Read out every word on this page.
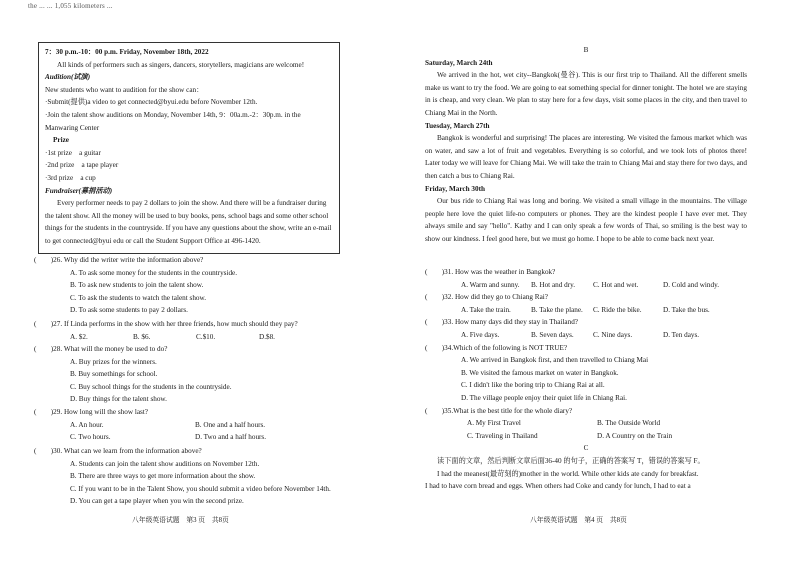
the ... ... 1,055 kilometers ...

7：30 p.m.-10：00 p.m. Friday, November 18th, 2022

All kinds of performers such as singers, dancers, storytellers, magicians are welcome!

Audition(试演)

New students who want to audition for the show can：

·Submit(提供)a video to get connected@byui.edu before November 12th.

·Join the talent show auditions on Monday, November 14th, 9：00a.m.-2：30p.m. in the Manwaring Center

Prize

·1st prize　a guitar

·2nd prize　a tape player

·3rd prize　a cup

Fundraiser(募捐活动)

Every performer needs to pay 2 dollars to join the show. And there will be a fundraiser during the talent show. All the money will be used to buy books, pens, school bags and some other school things for the students in the countryside. If you have any questions about the show, write an e-mail to get connected@byui edu or call the Student Support Office at 496-1420.

(　　)26. Why did the writer write the information above?

A. To ask some money for the students in the countryside.

B. To ask new students to join the talent show.

C. To ask the students to watch the talent show.

D. To ask some students to pay 2 dollars.

(　　)27. If Linda performs in the show with her three friends, how much should they pay?

A. $2.	B. $6.	C.$10.	D.$8.

(　　)28. What will the money be used to do?

A. Buy prizes for the winners.

B. Buy somethings for school.

C. Buy school things for the students in the countryside.

D. Buy things for the talent show.

(　　)29. How long will the show last?

A. An hour.	B. One and a half hours.
C. Two hours.	D. Two and a half hours.

(　　)30. What can we learn from the information above?

A. Students can join the talent show auditions on November 12th.

B. There are three ways to get more information about the show.

C. If you want to be in the Talent Show, you should submit a video before November 14th.

D. You can get a tape player when you win the second prize.

八年级英语试题　第3 页　共8页

B

Saturday, March 24th

We arrived in the hot, wet city--Bangkok(曼谷). This is our first trip to Thailand. All the different smells make us want to try the food. We are going to eat something special for dinner tonight. The hotel we are staying in is cheap, and very clean. We plan to stay here for a few days, visit some places in the city, and then travel to Chiang Mai in the North.

Tuesday, March 27th

Bangkok is wonderful and surprising! The places are interesting. We visited the famous market which was on water, and saw a lot of fruit and vegetables. Everything is so colorful, and we took lots of photos there! Later today we will leave for Chiang Mai. We will take the train to Chiang Mai and stay there for two days, and then catch a bus to Chiang Rai.

Friday, March 30th

Our bus ride to Chiang Rai was long and boring. We visited a small village in the mountains. The village people here love the quiet life-no computers or phones. They are the kindest people I have ever met. They always smile and say "hello". Kathy and I can only speak a few words of Thai, so smiling is the best way to show our kindness. I feel good here, but we must go home. I hope to be able to come back next year.

(　　)31. How was the weather in Bangkok?

A. Warm and sunny.	B. Hot and dry.	C. Hot and wet.	D. Cold and windy.

(　　)32. How did they go to Chiang Rai?

A. Take the train.	B. Take the plane.	C. Ride the bike.	D. Take the bus.

(　　)33. How many days did they stay in Thailand?

A. Five days.	B. Seven days.	C. Nine days.	D. Ten days.

(　　)34.Which of the following is NOT TRUE?

A. We arrived in Bangkok first, and then travelled to Chiang Mai

B. We visited the famous market on water in Bangkok.

C. I didn't like the boring trip to Chiang Rai at all.

D. The village people enjoy their quiet life in Chiang Rai.

(　　)35.What is the best title for the whole diary?

A. My First Travel	B. The Outside World
C. Traveling in Thailand	D. A Country on the Train

C

读下面的文章，然后判断文章后面36-40 的句子，正确的答案写 T，错误的答案写 F。

I had the meanest(最苛刻的)mother in the world. While other kids ate candy for breakfast.

I had to have corn bread and eggs. When others had Coke and candy for lunch, I had to eat a

八年级英语试题　第4 页　共8页
